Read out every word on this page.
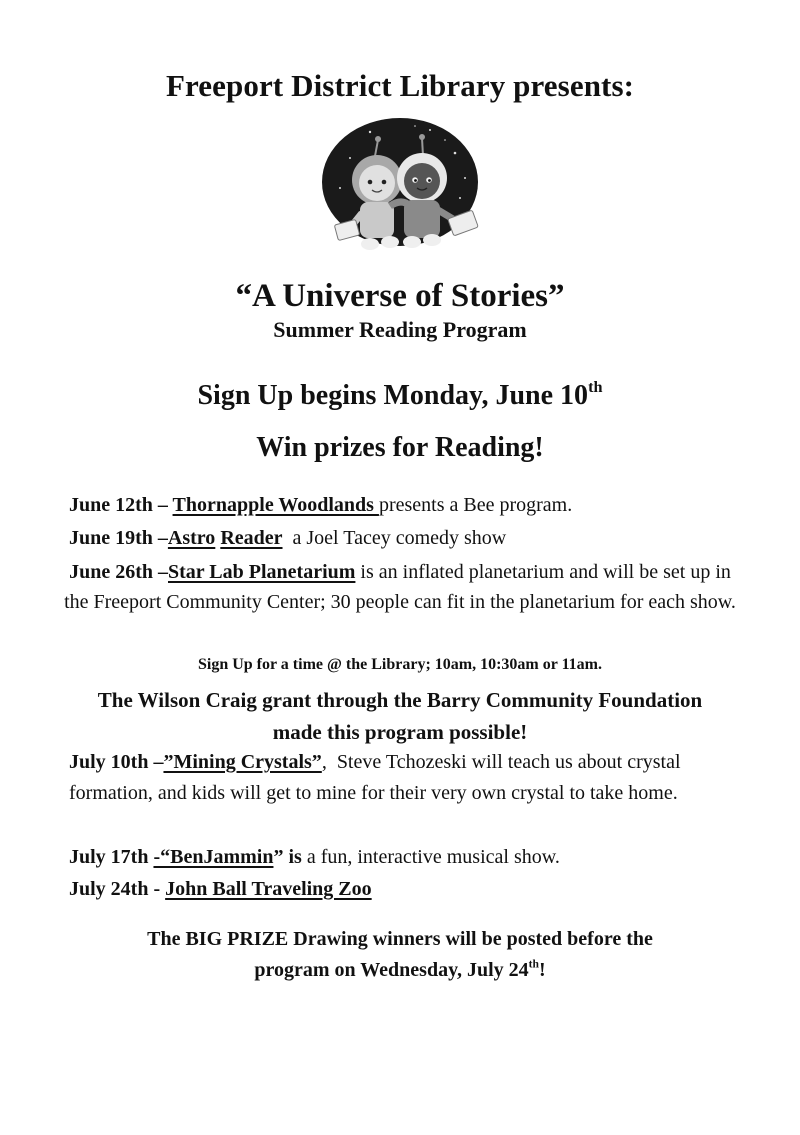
Freeport District Library presents:
“A Universe of Stories”
Summer Reading Program
Sign Up begins Monday, June 10th
Win prizes for Reading!
June 12th – Thornapple Woodlands presents a Bee program.
June 19th –Astro Reader  a Joel Tacey comedy show
June 26th –Star Lab Planetarium is an inflated planetarium and will be set up in the Freeport Community Center; 30 people can fit in the planetarium for each show.
Sign Up for a time @ the Library; 10am, 10:30am or 11am.
The Wilson Craig grant through the Barry Community Foundation
made this program possible!
July 10th –”Mining Crystals”,  Steve Tchozeski will teach us about crystal formation, and kids will get to mine for their very own crystal to take home.
July 17th -“BenJammin” is a fun, interactive musical show.
July 24th - John Ball Traveling Zoo
The BIG PRIZE Drawing winners will be posted before the
program on Wednesday, July 24th!
